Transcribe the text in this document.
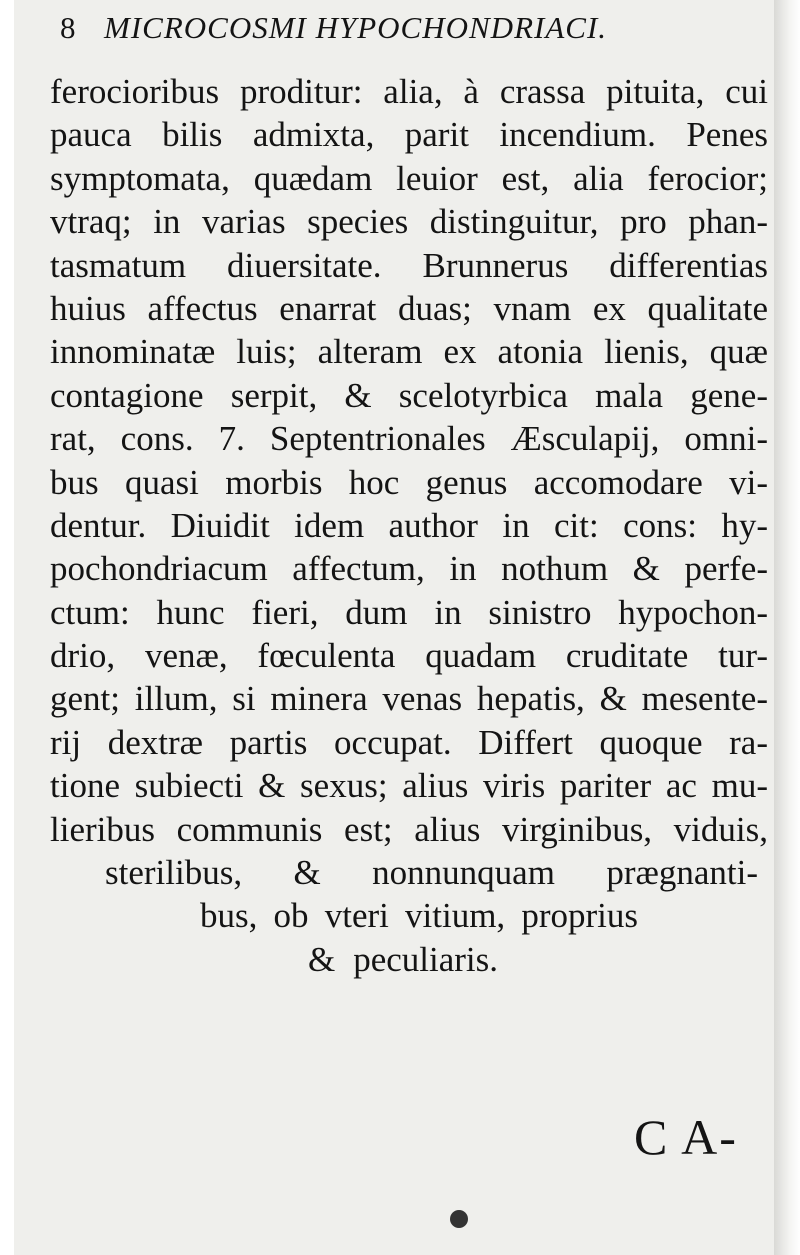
8 MICROCOSMI HYPOCHONDRIACI.
ferocioribus proditur: alia, à crassa pituita, cui
pauca bilis admixta, parit incendium. Penes
symptomata, quædam leuior est, alia ferocior;
vtraq; in varias species distinguitur, pro phan-
tasmatum diuersitate. Brunnerus differentias
huius affectus enarrat duas; vnam ex qualitate
innominatæ luis; alteram ex atonia lienis, quæ
contagione serpit, & scelotyrbica mala gene-
rat, cons. 7. Septentrionales Æsculapij, omni-
bus quasi morbis hoc genus accomodare vi-
dentur. Diuidit idem author in cit: cons: hy-
pochondriacum affectum, in nothum & perfe-
ctum: hunc fieri, dum in sinistro hypochon-
drio, venæ, fœculenta quadam cruditate tur-
gent; illum, si minera venas hepatis, & mesente-
rij dextræ partis occupat. Differt quoque ra-
tione subiecti & sexus; alius viris pariter ac mu-
lieribus communis est; alius virginibus, viduis,
sterilibus, & nonnunquam prægnanti-
bus, ob vteri vitium, proprius
& peculiaris.
C A-
